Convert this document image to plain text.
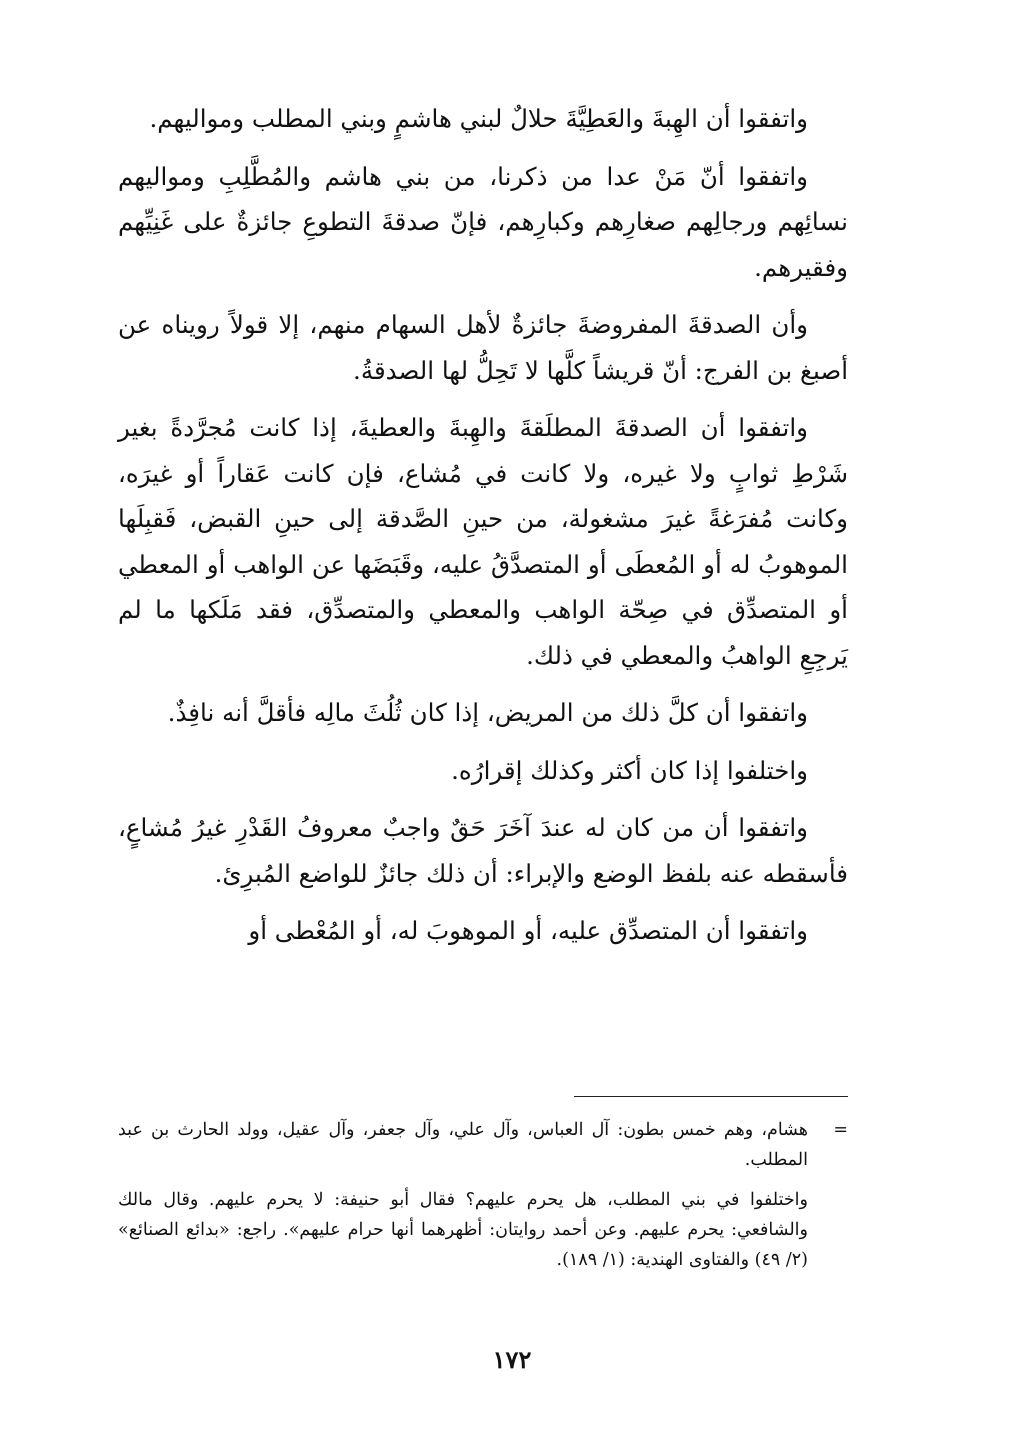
واتفقوا أن الهِبةَ والعَطِيَّةَ حلالٌ لبني هاشمٍ وبني المطلب ومواليهم.

واتفقوا أنّ مَنْ عدا من ذكرنا، من بني هاشم والمُطَّلِبِ ومواليهم نسائِهم ورجالِهم صغارِهم وكبارِهم، فإنّ صدقةَ التطوعِ جائزةٌ على غَنِيِّهم وفقيرهم.

وأن الصدقةَ المفروضةَ جائزةٌ لأهل السهام منهم، إلا قولاً رويناه عن أصبغ بن الفرج: أنّ قريشاً كلَّها لا تَحِلُّ لها الصدقةُ.

واتفقوا أن الصدقةَ المطلَقةَ والهِبةَ والعطيةَ، إذا كانت مُجرَّدةً بغير شَرْطِ ثوابٍ ولا غيره، ولا كانت في مُشاع، فإن كانت عَقاراً أو غيرَه، وكانت مُفرَغةً غيرَ مشغولة، من حينِ الصَّدقة إلى حينِ القبض، فَقبِلَها الموهوبُ له أو المُعطَى أو المتصدَّقُ عليه، وقَبَضَها عن الواهب أو المعطي أو المتصدِّق في صِحّة الواهب والمعطي والمتصدِّق، فقد مَلَكها ما لم يَرجِعِ الواهبُ والمعطي في ذلك.

واتفقوا أن كلَّ ذلك من المريض، إذا كان ثُلُثَ مالِه فأقلَّ أنه نافِذٌ.

واختلفوا إذا كان أكثر وكذلك إقرارُه.

واتفقوا أن من كان له عندَ آخَرَ حَقٌ واجبٌ معروفُ القَدْرِ غيرُ مُشاعٍ، فأسقطه عنه بلفظ الوضع والإبراء: أن ذلك جائزٌ للواضع المُبرِئ.

واتفقوا أن المتصدِّق عليه، أو الموهوبَ له، أو المُعْطى أو

=
هشام، وهم خمس بطون: آل العباس، وآل علي، وآل جعفر، وآل عقيل، وولد الحارث بن عبد المطلب.

واختلفوا في بني المطلب، هل يحرم عليهم؟ فقال أبو حنيفة: لا يحرم عليهم. وقال مالك والشافعي: يحرم عليهم. وعن أحمد روايتان: أظهرهما أنها حرام عليهم». راجع: «بدائع الصنائع» (٢/ ٤٩) والفتاوى الهندية: (١/ ١٨٩).

١٧٢
